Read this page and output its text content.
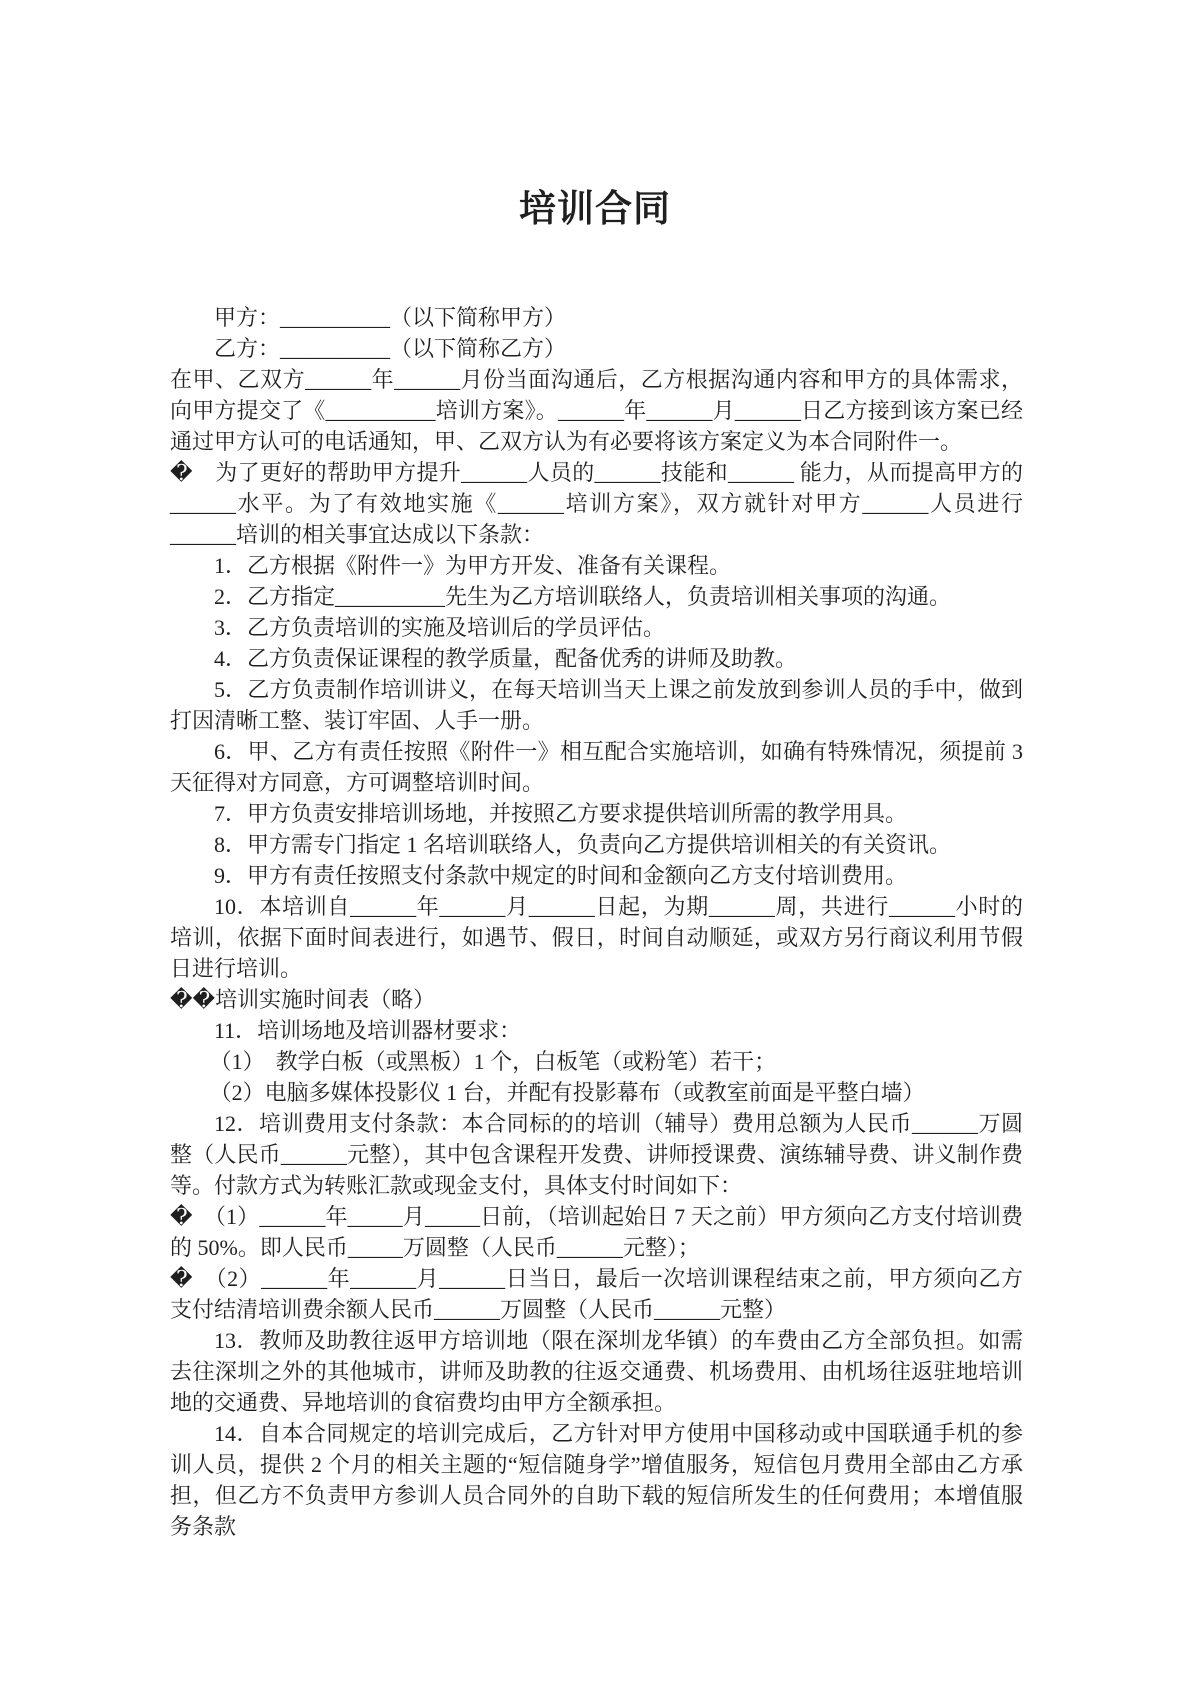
培训合同

甲方：__________（以下简称甲方）

乙方：__________（以下简称乙方）

在甲、乙双方______年______月份当面沟通后，乙方根据沟通内容和甲方的具体需求，向甲方提交了《__________培训方案》。______年______月______日乙方接到该方案已经通过甲方认可的电话通知，甲、乙双方认为有必要将该方案定义为本合同附件一。

�　为了更好的帮助甲方提升______人员的______技能和______ 能力，从而提高甲方的______水平。为了有效地实施《______培训方案》，双方就针对甲方______人员进行______培训的相关事宜达成以下条款：

1．乙方根据《附件一》为甲方开发、准备有关课程。

2．乙方指定__________先生为乙方培训联络人，负责培训相关事项的沟通。

3．乙方负责培训的实施及培训后的学员评估。

4．乙方负责保证课程的教学质量，配备优秀的讲师及助教。

5．乙方负责制作培训讲义，在每天培训当天上课之前发放到参训人员的手中，做到打因清晰工整、装订牢固、人手一册。

6．甲、乙方有责任按照《附件一》相互配合实施培训，如确有特殊情况，须提前 3 天征得对方同意，方可调整培训时间。

7．甲方负责安排培训场地，并按照乙方要求提供培训所需的教学用具。

8．甲方需专门指定 1 名培训联络人，负责向乙方提供培训相关的有关资讯。

9．甲方有责任按照支付条款中规定的时间和金额向乙方支付培训费用。

10．本培训自______年______月______日起，为期______周，共进行______小时的培训，依据下面时间表进行，如遇节、假日，时间自动顺延，或双方另行商议利用节假日进行培训。

��培训实施时间表（略）

11．培训场地及培训器材要求：

（1）　教学白板（或黑板）1 个，白板笔（或粉笔）若干；

（2）电脑多媒体投影仪 1 台，并配有投影幕布（或教室前面是平整白墙）

12．培训费用支付条款：本合同标的的培训（辅导）费用总额为人民币______万圆整（人民币______元整），其中包含课程开发费、讲师授课费、演练辅导费、讲义制作费等。付款方式为转账汇款或现金支付，具体支付时间如下：

�　（1）______年_____月_____日前，（培训起始日 7 天之前）甲方须向乙方支付培训费的 50%。即人民币_____万圆整（人民币______元整）；

�　（2）______年______月______日当日，最后一次培训课程结束之前，甲方须向乙方支付结清培训费余额人民币______万圆整（人民币______元整）

13．教师及助教往返甲方培训地（限在深圳龙华镇）的车费由乙方全部负担。如需去往深圳之外的其他城市，讲师及助教的往返交通费、机场费用、由机场往返驻地培训地的交通费、异地培训的食宿费均由甲方全额承担。

14．自本合同规定的培训完成后，乙方针对甲方使用中国移动或中国联通手机的参训人员，提供 2 个月的相关主题的“短信随身学”增值服务，短信包月费用全部由乙方承担，但乙方不负责甲方参训人员合同外的自助下载的短信所发生的任何费用；本增值服务条款
